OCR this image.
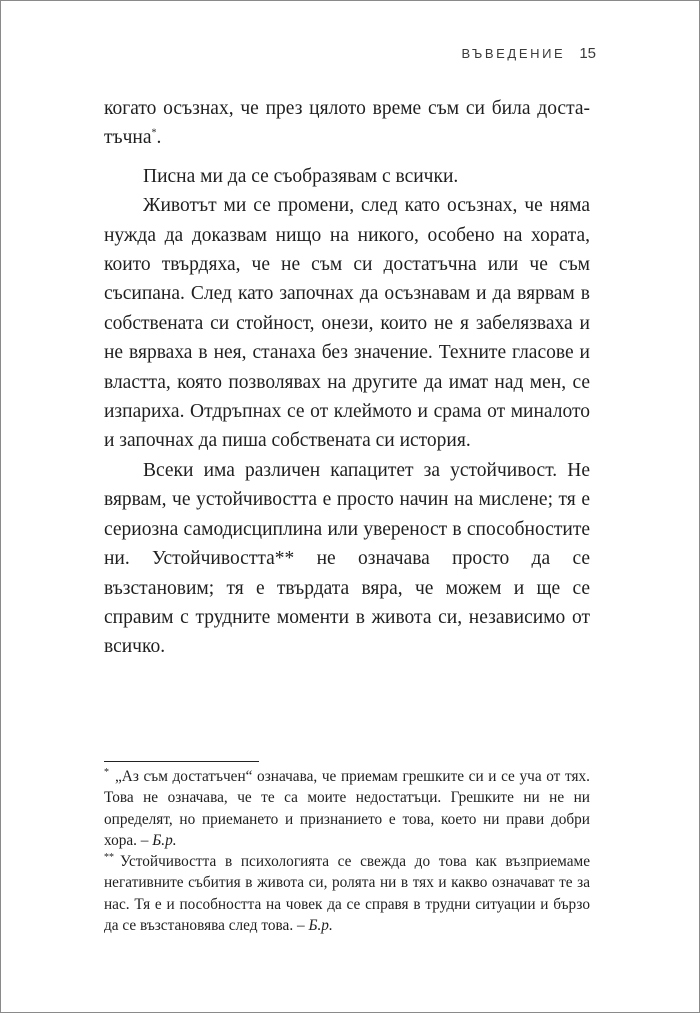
ВЪВЕДЕНИЕ 15

когато осъзнах, че през цялото време съм си била доста-тъчна*.

Писна ми да се съобразявам с всички.

Животът ми се промени, след като осъзнах, че няма нужда да доказвам нищо на никого, особено на хората, които твърдяха, че не съм си достатъчна или че съм съсипана. След като започнах да осъзнавам и да вярвам в собствената си стойност, онези, които не я забелязваха и не вярваха в нея, станаха без значение. Техните гласове и властта, която позволявах на другите да имат над мен, се изпариха. Отдръпнах се от клеймото и срама от миналото и започнах да пиша собствената си история.

Всеки има различен капацитет за устойчивост. Не вярвам, че устойчивостта е просто начин на мислене; тя е сериозна самодисциплина или увереност в способностите ни. Устойчивостта** не означава просто да се възстановим; тя е твърдата вяра, че можем и ще се справим с трудните моменти в живота си, независимо от всичко.

* „Аз съм достатъчен“ означава, че приемам грешките си и се уча от тях. Това не означава, че те са моите недостатъци. Грешките ни не ни определят, но приемането и признанието е това, което ни прави добри хора. – Б.р.

** Устойчивостта в психологията се свежда до това как възприемаме негативните събития в живота си, ролята ни в тях и какво означават те за нас. Тя е и пособността на човек да се справя в трудни ситуации и бързо да се възстановява след това. – Б.р.
